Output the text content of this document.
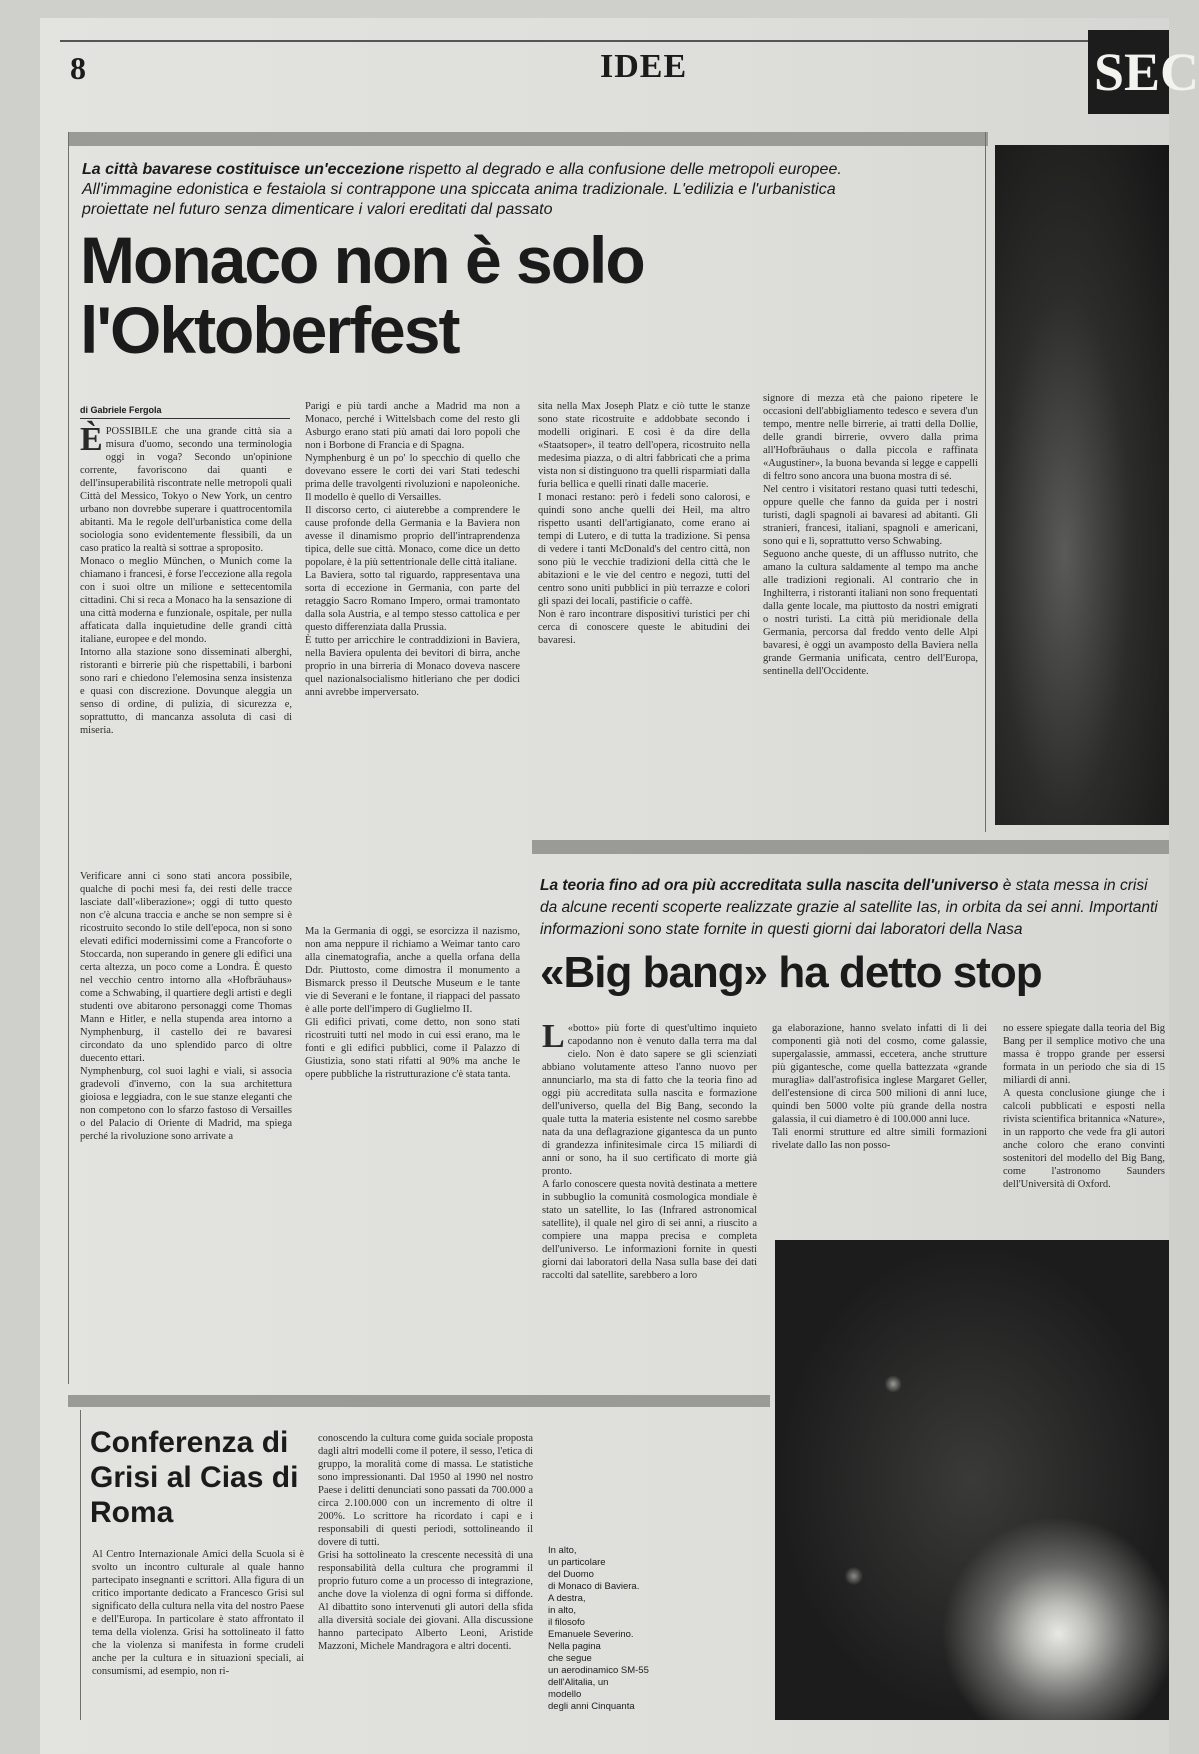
8	IDEE	SEC
La città bavarese costituisce un'eccezione rispetto al degrado e alla confusione delle metropoli europee. All'immagine edonistica e festaiola si contrappone una spiccata anima tradizionale. L'edilizia e l'urbanistica proiettate nel futuro senza dimenticare i valori ereditati dal passato
Monaco non è solo
l'Oktoberfest
di Gabriele Fergola
ÈPOSSIBILE che una grande città sia a misura d'uomo, secondo una terminologia oggi in voga? Secondo un'opinione corrente, favoriscono dai quanti e dell'insuperabilità riscontrate nelle metropoli quali Città del Messico, Tokyo o New York, un centro urbano non dovrebbe superare i quattrocentomila abitanti. Ma le regole dell'urbanistica come della sociologia sono evidentemente flessibili, da un caso pratico la realtà si sottrae a sproposito.
Monaco o meglio München, o Munich come la chiamano i francesi, è forse l'eccezione alla regola con i suoi oltre un milione e settecentomila cittadini. Chi si reca a Monaco ha la sensazione di una città moderna e funzionale, ospitale, per nulla affaticata dalla inquietudine delle grandi città italiane, europee e del mondo.
Intorno alla stazione sono disseminati alberghi, ristoranti e birrerie più che rispettabili, i barboni sono rari e chiedono l'elemosina senza insistenza e quasi con discrezione. Dovunque aleggia un senso di ordine, di pulizia, di sicurezza e, soprattutto, di mancanza assoluta di casi di miseria.
Verificare anni ci sono stati ancora possibile, qualche di pochi mesi fa, dei resti delle tracce lasciate dall'«liberazione»; oggi di tutto questo non c'è alcuna traccia e anche se non sempre si è ricostruito secondo lo stile dell'epoca, non si sono elevati edifici modernissimi come a Francoforte o Stoccarda, non superando in genere gli edifici una certa altezza, un poco come a Londra. È questo nel vecchio centro intorno alla «Hofbräuhaus» come a Schwabing, il quartiere degli artisti e degli studenti ove abitarono personaggi come Thomas Mann e Hitler, e nella stupenda area intorno a Nymphenburg, il castello dei re bavaresi circondato da uno splendido parco di oltre duecento ettari.
Nymphenburg, col suoi laghi e viali, si associa gradevoli d'inverno, con la sua architettura gioiosa e leggiadra, con le sue stanze eleganti che non competono con lo sfarzo fastoso di Versailles o del Palacio di Oriente di Madrid, ma spiega perché la rivoluzione sono arrivate a
Parigi e più tardi anche a Madrid ma non a Monaco, perché i Wittelsbach come del resto gli Asburgo erano stati più amati dai loro popoli che non i Borbone di Francia e di Spagna.
Nymphenburg è un po' lo specchio di quello che dovevano essere le corti dei vari Stati tedeschi prima delle travolgenti rivoluzioni e napoleoniche. Il modello è quello di Versailles.
Il discorso certo, ci aiuterebbe a comprendere le cause profonde della Germania e la Baviera non avesse il dinamismo proprio dell'intraprendenza tipica, delle sue città. Monaco, come dice un detto popolare, è la più settentrionale delle città italiane.
La Baviera, sotto tal riguardo, rappresentava una sorta di eccezione in Germania, con parte del retaggio Sacro Romano Impero, ormai tramontato dalla sola Austria, e al tempo stesso cattolica e per questo differenziata dalla Prussia.
È tutto per arricchire le contraddizioni in Baviera, nella Baviera opulenta dei bevitori di birra, anche proprio in una birreria di Monaco doveva nascere quel nazionalsocialismo hitleriano che per dodici anni avrebbe imperversato.
Ma la Germania di oggi, se esorcizza il nazismo, non ama neppure il richiamo a Weimar tanto caro alla cinematografia, anche a quella orfana della Ddr. Piuttosto, come dimostra il monumento a Bismarck presso il Deutsche Museum e le tante vie di Severani e le fontane, il riappaci del passato è alle porte dell'impero di Guglielmo II.
Gli edifici privati, come detto, non sono stati ricostruiti tutti nel modo in cui essi erano, ma le fonti e gli edifici pubblici, come il Palazzo di Giustizia, sono stati rifatti al 90% ma anche le opere pubbliche la ristrutturazione c'è stata tanta.
sita nella Max Joseph Platz e ciò tutte le stanze sono state ricostruite e addobbate secondo i modelli originari. E così è da dire della «Staatsoper», il teatro dell'opera, ricostruito nella medesima piazza, o di altri fabbricati che a prima vista non si distinguono tra quelli risparmiati dalla furia bellica e quelli rinati dalle macerie.
I monaci restano: però i fedeli sono calorosi, e quindi sono anche quelli dei Heil, ma altro rispetto usanti dell'artigianato, come erano ai tempi di Lutero, e di tutta la tradizione. Si pensa di vedere i tanti McDonald's del centro città, non sono più le vecchie tradizioni della città che le abitazioni e le vie del centro e negozi, tutti del centro sono uniti pubblici in più terrazze e colori gli spazi dei locali, pastificie o caffè.
Non è raro incontrare dispositivi turistici per chi cerca di conoscere queste le abitudini dei bavaresi.
signore di mezza età che paiono ripetere le occasioni dell'abbigliamento tedesco e severa d'un tempo, mentre nelle birrerie, ai tratti della Dollie, delle grandi birrerie, ovvero dalla prima all'Hofbräuhaus o dalla piccola e raffinata «Augustiner», la buona bevanda si legge e cappelli di feltro sono ancora una buona mostra di sé.
Nel centro i visitatori restano quasi tutti tedeschi, oppure quelle che fanno da guida per i nostri turisti, dagli spagnoli ai bavaresi ad abitanti. Gli stranieri, francesi, italiani, spagnoli e americani, sono qui e lì, soprattutto verso Schwabing.
Seguono anche queste, di un afflusso nutrito, che amano la cultura saldamente al tempo ma anche alle tradizioni regionali. Al contrario che in Inghilterra, i ristoranti italiani non sono frequentati dalla gente locale, ma piuttosto da nostri emigrati o nostri turisti. La città più meridionale della Germania, percorsa dal freddo vento delle Alpi bavaresi, è oggi un avamposto della Baviera nella grande Germania unificata, centro dell'Europa, sentinella dell'Occidente.
La teoria fino ad ora più accreditata sulla nascita dell'universo è stata messa in crisi da alcune recenti scoperte realizzate grazie al satellite Ias, in orbita da sei anni. Importanti informazioni sono state fornite in questi giorni dai laboratori della Nasa
«Big bang» ha detto stop
L «botto» più forte di quest'ultimo inquieto capodanno non è venuto dalla terra ma dal cielo. Non è dato sapere se gli scienziati abbiano volutamente atteso l'anno nuovo per annunciarlo, ma sta di fatto che la teoria fino ad oggi più accreditata sulla nascita e formazione dell'universo, quella del Big Bang, secondo la quale tutta la materia esistente nel cosmo sarebbe nata da una deflagrazione gigantesca da un punto di grandezza infinitesimale circa 15 miliardi di anni or sono, ha il suo certificato di morte già pronto.
A farlo conoscere questa novità destinata a mettere in subbuglio la comunità cosmologica mondiale è stato un satellite, lo Ias (Infrared astronomical satellite), il quale nel giro di sei anni, a riuscito a compiere una mappa precisa e completa dell'universo. Le informazioni fornite in questi giorni dai laboratori della Nasa sulla base dei dati raccolti dal satellite, sarebbero a loro
ga elaborazione, hanno svelato infatti di lì dei componenti già noti del cosmo, come galassie, supergalassie, ammassi, eccetera, anche strutture più gigantesche, come quella battezzata «grande muraglia» dall'astrofisica inglese Margaret Geller, dell'estensione di circa 500 milioni di anni luce, quindi ben 5000 volte più grande della nostra galassia, il cui diametro è di 100.000 anni luce.
Tali enormi strutture ed altre simili formazioni rivelate dallo Ias non posso-
no essere spiegate dalla teoria del Big Bang per il semplice motivo che una massa è troppo grande per essersi formata in un periodo che sia di 15 miliardi di anni.
A questa conclusione giunge che i calcoli pubblicati e esposti nella rivista scientifica britannica «Nature», in un rapporto che vede fra gli autori anche coloro che erano convinti sostenitori del modello del Big Bang, come l'astronomo Saunders dell'Università di Oxford.
Conferenza di Grisi al Cias di Roma
Al Centro Internazionale Amici della Scuola si è svolto un incontro culturale al quale hanno partecipato insegnanti e scrittori. Alla figura di un critico importante dedicato a Francesco Grisi sul significato della cultura nella vita del nostro Paese e dell'Europa. In particolare è stato affrontato il tema della violenza. Grisi ha sottolineato il fatto che la violenza si manifesta in forme crudeli anche per la cultura e in situazioni speciali, ai consumismi, ad esempio, non ri-
conoscendo la cultura come guida sociale proposta dagli altri modelli come il potere, il sesso, l'etica di gruppo, la moralità come di massa. Le statistiche sono impressionanti. Dal 1950 al 1990 nel nostro Paese i delitti denunciati sono passati da 700.000 a circa 2.100.000 con un incremento di oltre il 200%. Lo scrittore ha ricordato i capi e i responsabili di questi periodi, sottolineando il dovere di tutti.
Grisi ha sottolineato la crescente necessità di una responsabilità della cultura che programmi il proprio futuro come a un processo di integrazione, anche dove la violenza di ogni forma si diffonde. Al dibattito sono intervenuti gli autori della sfida alla diversità sociale dei giovani. Alla discussione hanno partecipato Alberto Leoni, Aristide Mazzoni, Michele Mandragora e altri docenti.
In alto,
un particolare
del Duomo
di Monaco di Baviera.
A destra,
in alto,
il filosofo
Emanuele Severino.
Nella pagina
che segue
un aerodinamico SM-55
dell'Alitalia, un
modello
degli anni Cinquanta
